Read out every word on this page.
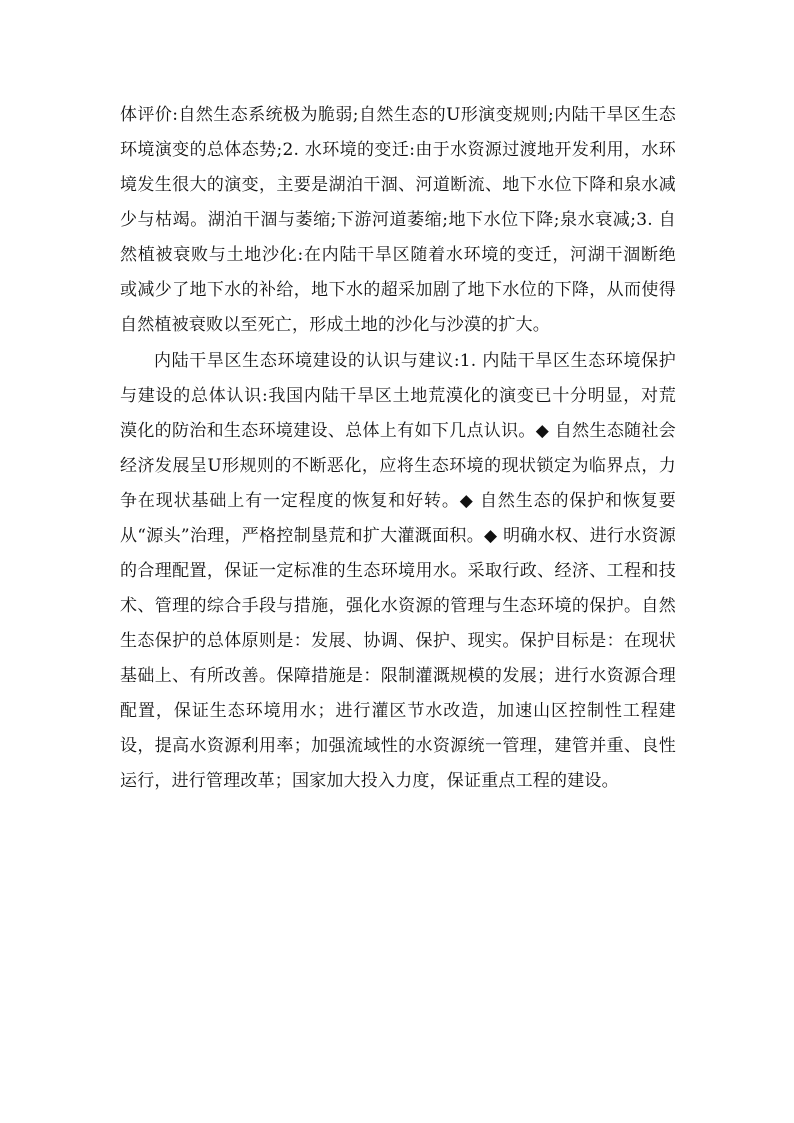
体评价:自然生态系统极为脆弱;自然生态的U形演变规则;内陆干旱区生态环境演变的总体态势;2. 水环境的变迁:由于水资源过渡地开发利用，水环境发生很大的演变，主要是湖泊干涸、河道断流、地下水位下降和泉水减少与枯竭。湖泊干涸与萎缩;下游河道萎缩;地下水位下降;泉水衰减;3. 自然植被衰败与土地沙化:在内陆干旱区随着水环境的变迁，河湖干涸断绝或减少了地下水的补给，地下水的超采加剧了地下水位的下降，从而使得自然植被衰败以至死亡，形成土地的沙化与沙漠的扩大。

内陆干旱区生态环境建设的认识与建议:1. 内陆干旱区生态环境保护与建设的总体认识:我国内陆干旱区土地荒漠化的演变已十分明显，对荒漠化的防治和生态环境建设、总体上有如下几点认识。◆ 自然生态随社会经济发展呈U形规则的不断恶化，应将生态环境的现状锁定为临界点，力争在现状基础上有一定程度的恢复和好转。◆ 自然生态的保护和恢复要从“源头”治理，严格控制垦荒和扩大灌溉面积。◆ 明确水权、进行水资源的合理配置，保证一定标准的生态环境用水。采取行政、经济、工程和技术、管理的综合手段与措施，强化水资源的管理与生态环境的保护。自然生态保护的总体原则是：发展、协调、保护、现实。保护目标是：在现状基础上、有所改善。保障措施是：限制灌溉规模的发展；进行水资源合理配置，保证生态环境用水；进行灌区节水改造，加速山区控制性工程建设，提高水资源利用率；加强流域性的水资源统一管理，建管并重、良性运行，进行管理改革；国家加大投入力度，保证重点工程的建设。
